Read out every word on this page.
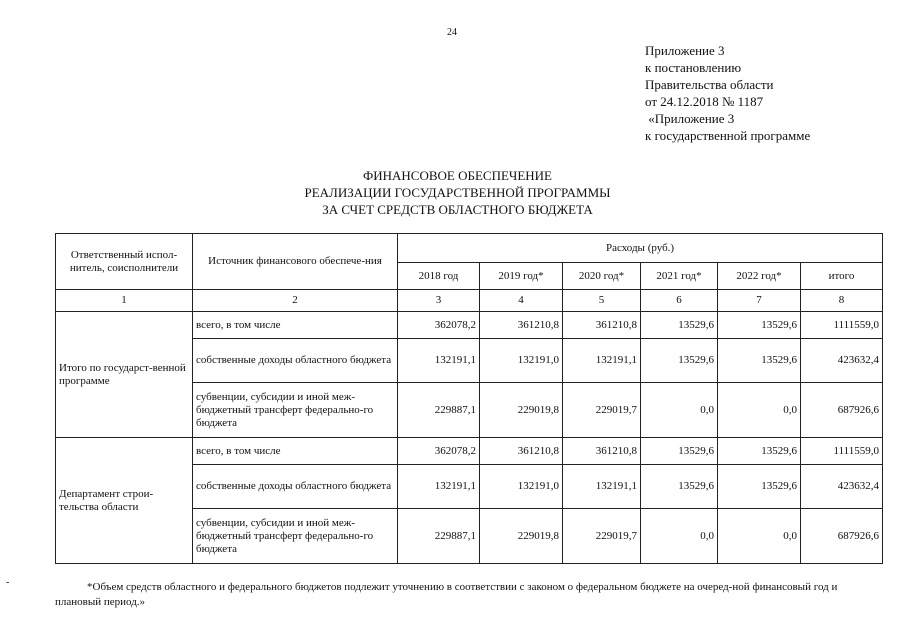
24
Приложение 3
к постановлению
Правительства области
от 24.12.2018 № 1187
«Приложение 3
к государственной программе
ФИНАНСОВОЕ ОБЕСПЕЧЕНИЕ
РЕАЛИЗАЦИИ ГОСУДАРСТВЕННОЙ ПРОГРАММЫ
ЗА СЧЕТ СРЕДСТВ ОБЛАСТНОГО БЮДЖЕТА
Ответственный испол-нитель, соисполнители	Источник финансового обеспече-ния	Расходы (руб.)					
		2018 год	2019 год*	2020 год*	2021 год*	2022 год*	итого
1	2	3	4	5	6	7	8
Итого по государст-венной программе	всего, в том числе	362078,2	361210,8	361210,8	13529,6	13529,6	1111559,0
	собственные доходы областного бюджета	132191,1	132191,0	132191,1	13529,6	13529,6	423632,4
	субвенции, субсидии и иной меж-бюджетный трансферт федерально-го бюджета	229887,1	229019,8	229019,7	0,0	0,0	687926,6
Департамент строи-тельства области	всего, в том числе	362078,2	361210,8	361210,8	13529,6	13529,6	1111559,0
	собственные доходы областного бюджета	132191,1	132191,0	132191,1	13529,6	13529,6	423632,4
	субвенции, субсидии и иной меж-бюджетный трансферт федерально-го бюджета	229887,1	229019,8	229019,7	0,0	0,0	687926,6
-	*Объем средств областного и федерального бюджетов подлежит уточнению в соответствии с законом о федеральном бюджете на очеред-ной финансовый год и плановый период.»
